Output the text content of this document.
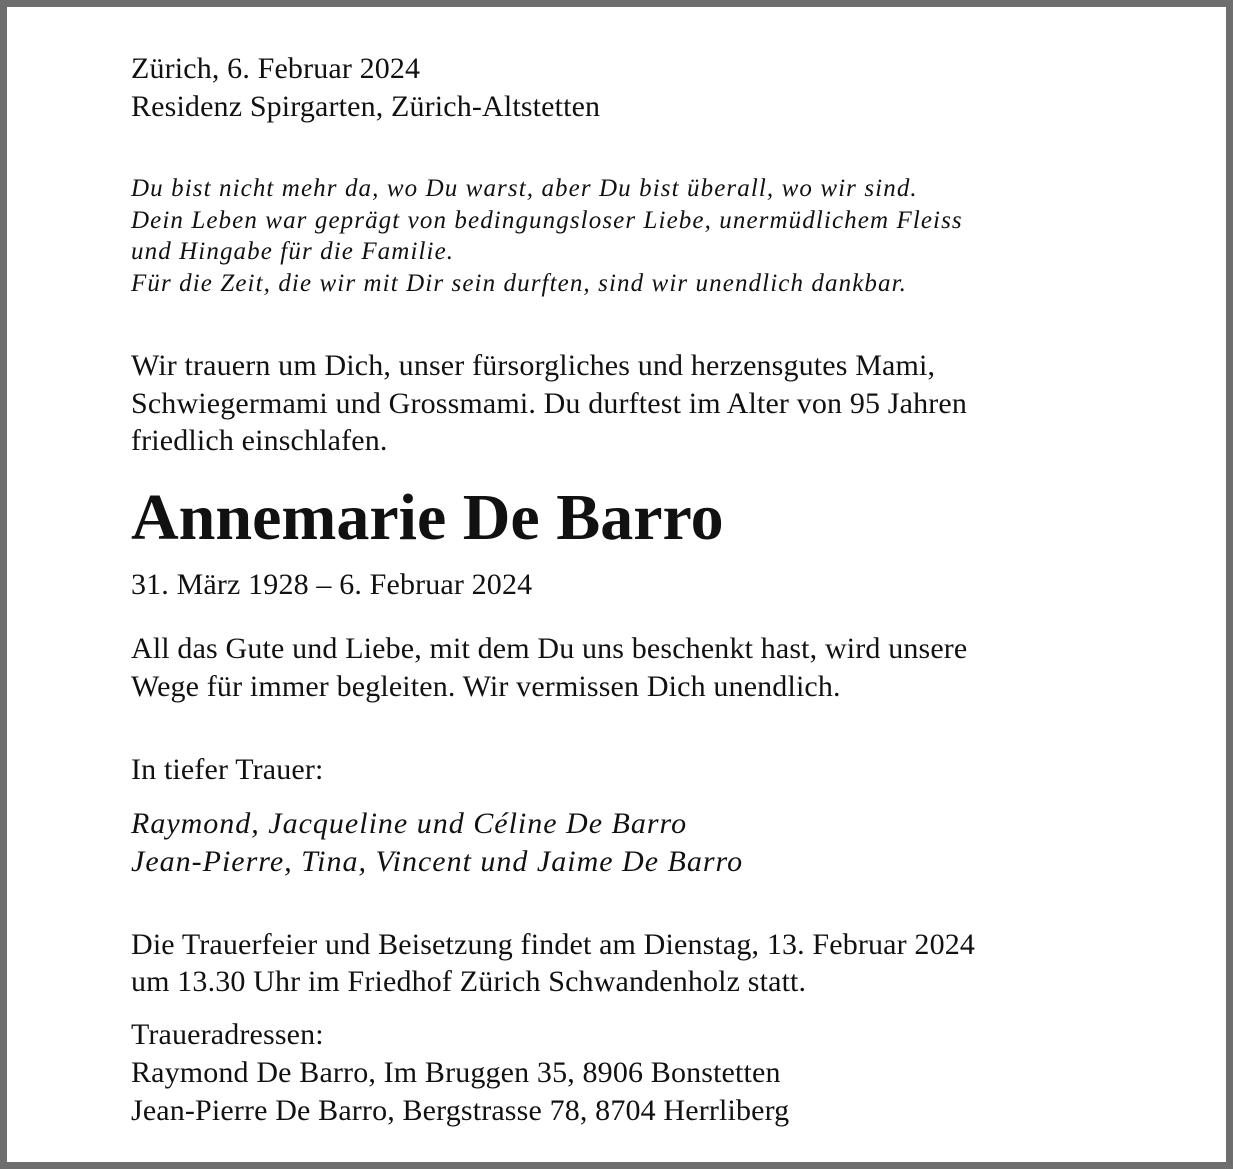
Zürich, 6. Februar 2024
Residenz Spirgarten, Zürich-Altstetten
Du bist nicht mehr da, wo Du warst, aber Du bist überall, wo wir sind.
Dein Leben war geprägt von bedingungsloser Liebe, unermüdlichem Fleiss
und Hingabe für die Familie.
Für die Zeit, die wir mit Dir sein durften, sind wir unendlich dankbar.
Wir trauern um Dich, unser fürsorgliches und herzensgutes Mami,
Schwiegermami und Grossmami. Du durftest im Alter von 95 Jahren
friedlich einschlafen.
Annemarie De Barro
31. März 1928 – 6. Februar 2024
All das Gute und Liebe, mit dem Du uns beschenkt hast, wird unsere
Wege für immer begleiten. Wir vermissen Dich unendlich.
In tiefer Trauer:
Raymond, Jacqueline und Céline De Barro
Jean-Pierre, Tina, Vincent und Jaime De Barro
Die Trauerfeier und Beisetzung findet am Dienstag, 13. Februar 2024
um 13.30 Uhr im Friedhof Zürich Schwandenholz statt.
Traueradressen:
Raymond De Barro, Im Bruggen 35, 8906 Bonstetten
Jean-Pierre De Barro, Bergstrasse 78, 8704 Herrliberg
